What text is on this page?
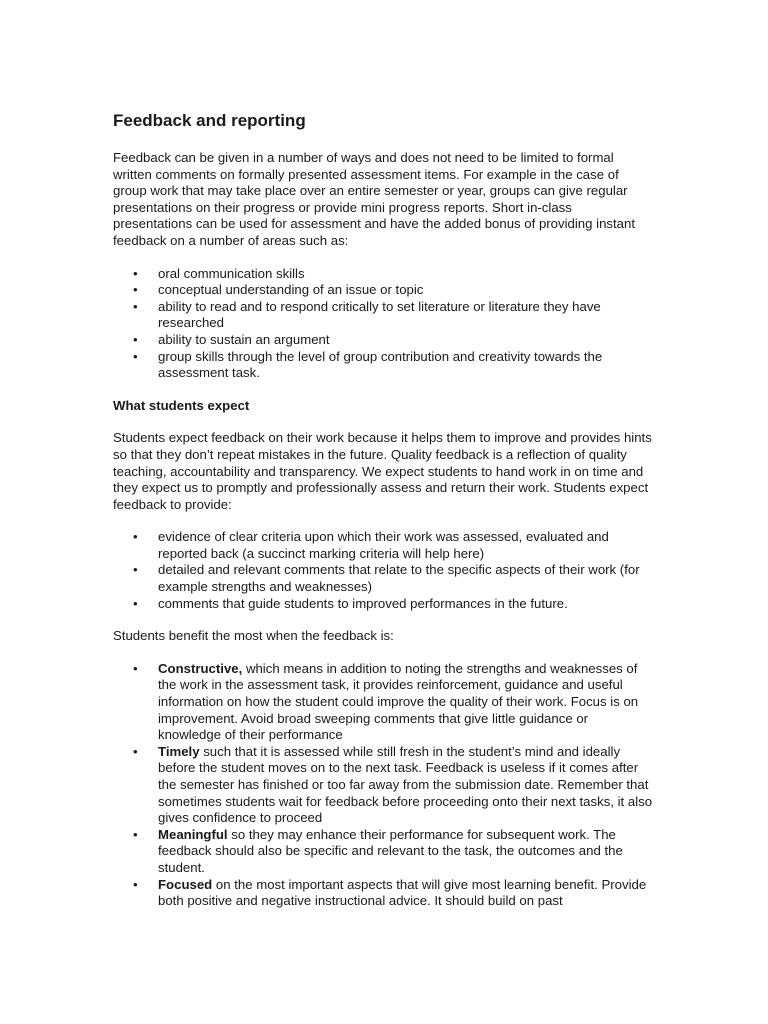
Feedback and reporting

Feedback can be given in a number of ways and does not need to be limited to formal written comments on formally presented assessment items. For example in the case of group work that may take place over an entire semester or year, groups can give regular presentations on their progress or provide mini progress reports. Short in-class presentations can be used for assessment and have the added bonus of providing instant feedback on a number of areas such as:

• oral communication skills
• conceptual understanding of an issue or topic
• ability to read and to respond critically to set literature or literature they have researched
• ability to sustain an argument
• group skills through the level of group contribution and creativity towards the assessment task.
What students expect

Students expect feedback on their work because it helps them to improve and provides hints so that they don’t repeat mistakes in the future. Quality feedback is a reflection of quality teaching, accountability and transparency. We expect students to hand work in on time and they expect us to promptly and professionally assess and return their work. Students expect feedback to provide:

• evidence of clear criteria upon which their work was assessed, evaluated and reported back (a succinct marking criteria will help here)
• detailed and relevant comments that relate to the specific aspects of their work (for example strengths and weaknesses)
• comments that guide students to improved performances in the future.

Students benefit the most when the feedback is:

• Constructive, which means in addition to noting the strengths and weaknesses of the work in the assessment task, it provides reinforcement, guidance and useful information on how the student could improve the quality of their work. Focus is on improvement. Avoid broad sweeping comments that give little guidance or knowledge of their performance
• Timely such that it is assessed while still fresh in the student’s mind and ideally before the student moves on to the next task. Feedback is useless if it comes after the semester has finished or too far away from the submission date. Remember that sometimes students wait for feedback before proceeding onto their next tasks, it also gives confidence to proceed
• Meaningful so they may enhance their performance for subsequent work. The feedback should also be specific and relevant to the task, the outcomes and the student.
• Focused on the most important aspects that will give most learning benefit. Provide both positive and negative instructional advice. It should build on past
